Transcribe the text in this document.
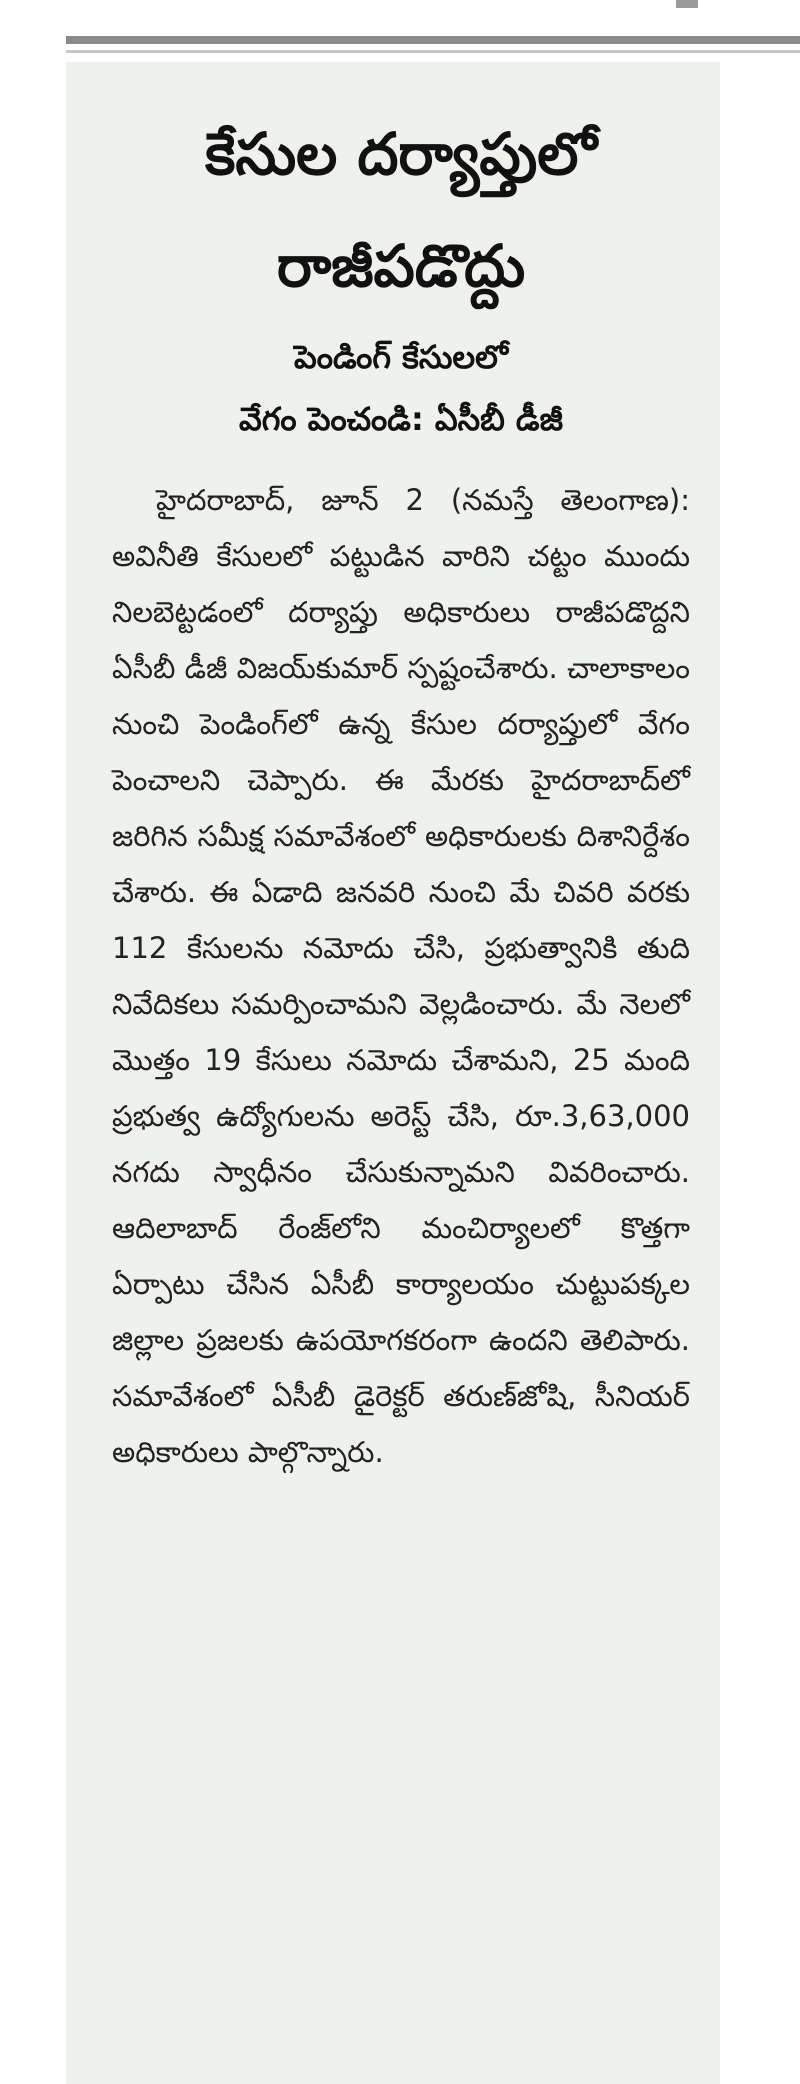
కేసుల దర్యాప్తులో రాజీపడొద్దు
పెండింగ్ కేసులలో
వేగం పెంచండి: ఏసీబీ డీజీ

హైదరాబాద్, జూన్ 2 (నమస్తే తెలంగాణ): అవినీతి కేసులలో పట్టుడిన వారిని చట్టం ముందు నిలబెట్టడంలో దర్యాప్తు అధికారులు రాజీపడొద్దని ఏసీబీ డీజీ విజయ్‌కుమార్ స్పష్టంచేశారు. చాలాకాలం నుంచి పెండింగ్‌లో ఉన్న కేసుల దర్యాప్తులో వేగం పెంచాలని చెప్పారు. ఈ మేరకు హైదరాబాద్‌లో జరిగిన సమీక్ష సమావేశంలో అధికారులకు దిశానిర్దేశం చేశారు. ఈ ఏడాది జనవరి నుంచి మే చివరి వరకు 112 కేసులను నమోదు చేసి, ప్రభుత్వానికి తుది నివేదికలు సమర్పించామని వెల్లడించారు. మే నెలలో మొత్తం 19 కేసులు నమోదు చేశామని, 25 మంది ప్రభుత్వ ఉద్యోగులను అరెస్ట్ చేసి, రూ.3,63,000 నగదు స్వాధీనం చేసుకున్నామని వివరించారు. ఆదిలాబాద్ రేంజ్‌లోని మంచిర్యాలలో కొత్తగా ఏర్పాటు చేసిన ఏసీబీ కార్యాలయం చుట్టుపక్కల జిల్లాల ప్రజలకు ఉపయోగకరంగా ఉందని తెలిపారు. సమావేశంలో ఏసీబీ డైరెక్టర్ తరుణ్‌జోషి, సీనియర్ అధికారులు పాల్గొన్నారు.
